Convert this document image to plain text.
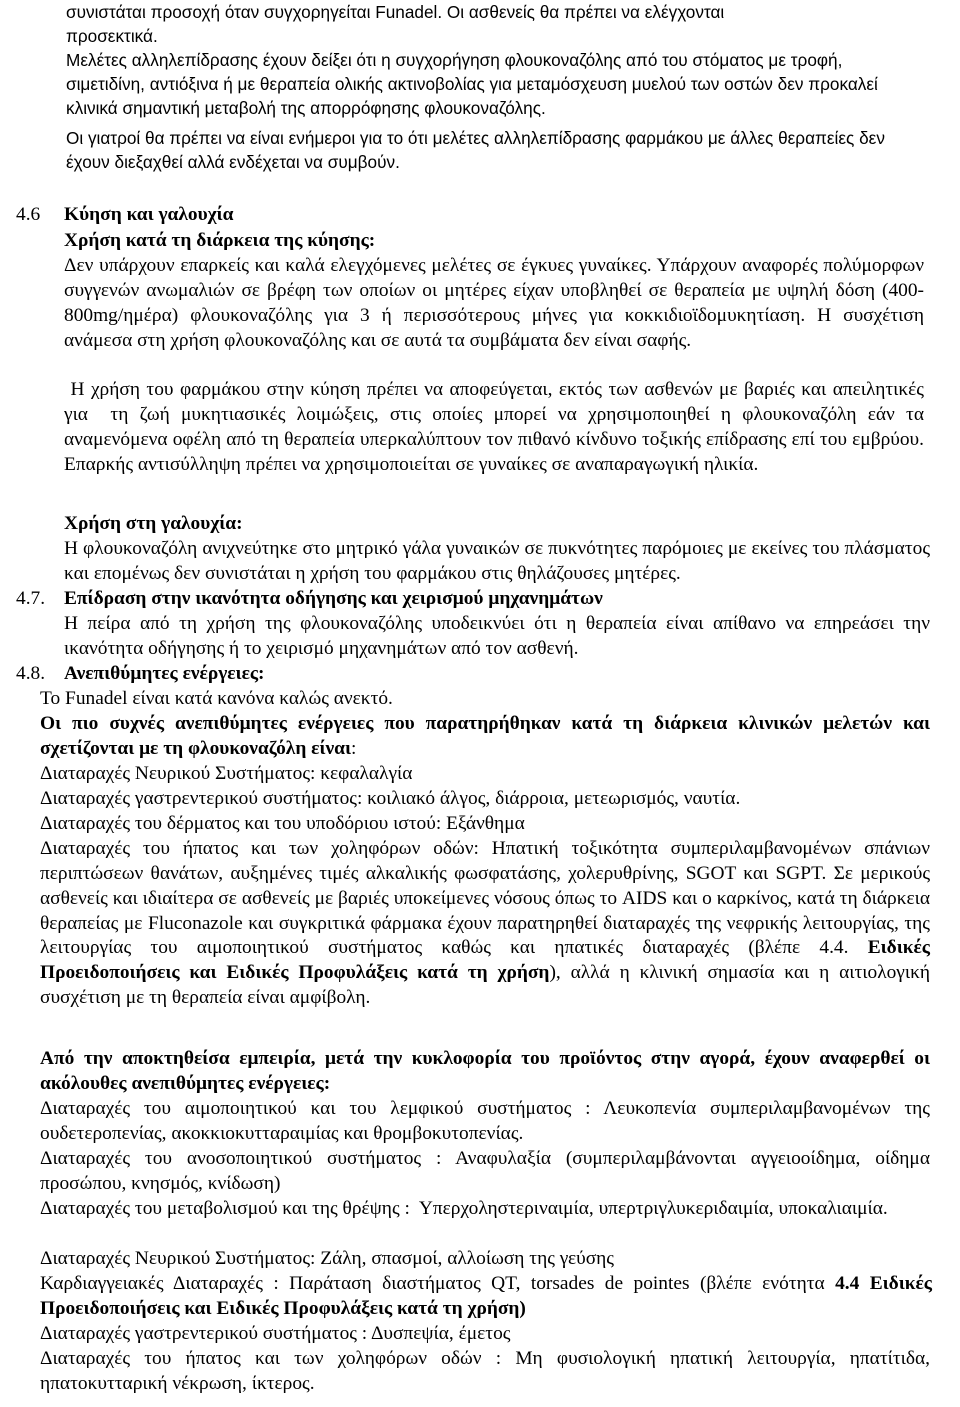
συνιστάται προσοχή όταν συγχορηγείται Funadel. Οι ασθενείς θα πρέπει να ελέγχονται

προσεκτικά.

Μελέτες αλληλεπίδρασης έχουν δείξει ότι η συγχορήγηση φλουκοναζόλης από του στόματος με τροφή, σιμετιδίνη, αντιόξινα ή με θεραπεία ολικής ακτινοβολίας για μεταμόσχευση μυελού των οστών δεν προκαλεί κλινικά σημαντική μεταβολή της απορρόφησης φλουκοναζόλης.

Οι γιατροί θα πρέπει να είναι ενήμεροι για το ότι μελέτες αλληλεπίδρασης φαρμάκου με άλλες θεραπείες δεν έχουν διεξαχθεί αλλά ενδέχεται να συμβούν.

4.6 Κύηση και γαλουχία

Χρήση κατά τη διάρκεια της κύησης:

Δεν υπάρχουν επαρκείς και καλά ελεγχόμενες μελέτες σε έγκυες γυναίκες. Υπάρχουν αναφορές πολύμορφων συγγενών ανωμαλιών σε βρέφη των οποίων οι μητέρες είχαν υποβληθεί σε θεραπεία με υψηλή δόση (400-800mg/ημέρα) φλουκοναζόλης για 3 ή περισσότερους μήνες για κοκκιδιοϊδομυκητίαση. Η συσχέτιση ανάμεσα στη χρήση φλουκοναζόλης και σε αυτά τα συμβάματα δεν είναι σαφής.

Η χρήση του φαρμάκου στην κύηση πρέπει να αποφεύγεται, εκτός των ασθενών με βαριές και απειλητικές για  τη ζωή μυκητιασικές λοιμώξεις, στις οποίες μπορεί να χρησιμοποιηθεί η φλουκοναζόλη εάν τα αναμενόμενα οφέλη από τη θεραπεία υπερκαλύπτουν τον πιθανό κίνδυνο τοξικής επίδρασης επί του εμβρύου. Επαρκής αντισύλληψη πρέπει να χρησιμοποιείται σε γυναίκες σε αναπαραγωγική ηλικία.

Χρήση στη γαλουχία:

Η φλουκοναζόλη ανιχνεύτηκε στο μητρικό γάλα γυναικών σε πυκνότητες παρόμοιες με εκείνες του πλάσματος και επομένως δεν συνιστάται η χρήση του φαρμάκου στις θηλάζουσες μητέρες.

4.7. Επίδραση στην ικανότητα οδήγησης και χειρισμού μηχανημάτων

Η πείρα από τη χρήση της φλουκοναζόλης υποδεικνύει ότι η θεραπεία είναι απίθανο να επηρεάσει την ικανότητα οδήγησης ή το χειρισμό μηχανημάτων από τον ασθενή.

4.8. Ανεπιθύμητες ενέργειες:

Το Funadel είναι κατά κανόνα καλώς ανεκτό.

Οι πιο συχνές ανεπιθύμητες ενέργειες που παρατηρήθηκαν κατά τη διάρκεια κλινικών μελετών και σχετίζονται με τη φλουκοναζόλη είναι:

Διαταραχές Νευρικού Συστήματος: κεφαλαλγία

Διαταραχές γαστρεντερικού συστήματος: κοιλιακό άλγος, διάρροια, μετεωρισμός, ναυτία.

Διαταραχές του δέρματος και του υποδόριου ιστού: Εξάνθημα

Διαταραχές του ήπατος και των χοληφόρων οδών: Ηπατική τοξικότητα συμπεριλαμβανομένων σπάνιων περιπτώσεων θανάτων, αυξημένες τιμές αλκαλικής φωσφατάσης, χολερυθρίνης, SGOT και SGPT. Σε μερικούς ασθενείς και ιδιαίτερα σε ασθενείς με βαριές υποκείμενες νόσους όπως το AIDS και ο καρκίνος, κατά τη διάρκεια θεραπείας με Fluconazole και συγκριτικά φάρμακα έχουν παρατηρηθεί διαταραχές της νεφρικής λειτουργίας, της λειτουργίας του αιμοποιητικού συστήματος καθώς και ηπατικές διαταραχές (βλέπε 4.4. Ειδικές Προειδοποιήσεις και Ειδικές Προφυλάξεις κατά τη χρήση), αλλά η κλινική σημασία και η αιτιολογική συσχέτιση με τη θεραπεία είναι αμφίβολη.

Από την αποκτηθείσα εμπειρία, μετά την κυκλοφορία του προϊόντος στην αγορά, έχουν αναφερθεί οι ακόλουθες ανεπιθύμητες ενέργειες:

Διαταραχές του αιμοποιητικού και του λεμφικού συστήματος : Λευκοπενία συμπεριλαμβανομένων της ουδετεροπενίας, ακοκκιοκυτταραιμίας και θρομβοκυτοπενίας.

Διαταραχές του ανοσοποιητικού συστήματος : Αναφυλαξία (συμπεριλαμβάνονται αγγειοοίδημα, οίδημα προσώπου, κνησμός, κνίδωση)

Διαταραχές του μεταβολισμού και της θρέψης :  Υπερχοληστεριναιμία, υπερτριγλυκεριδαιμία, υποκαλιαιμία.

Διαταραχές Νευρικού Συστήματος: Ζάλη, σπασμοί, αλλοίωση της γεύσης

Καρδιαγγειακές Διαταραχές : Παράταση διαστήματος QT, torsades de pointes (βλέπε ενότητα 4.4 Ειδικές Προειδοποιήσεις και Ειδικές Προφυλάξεις κατά τη χρήση)

Διαταραχές γαστρεντερικού συστήματος : Δυσπεψία, έμετος

Διαταραχές του ήπατος και των χοληφόρων οδών : Μη φυσιολογική ηπατική λειτουργία, ηπατίτιδα, ηπατοκυτταρική νέκρωση, ίκτερος.
